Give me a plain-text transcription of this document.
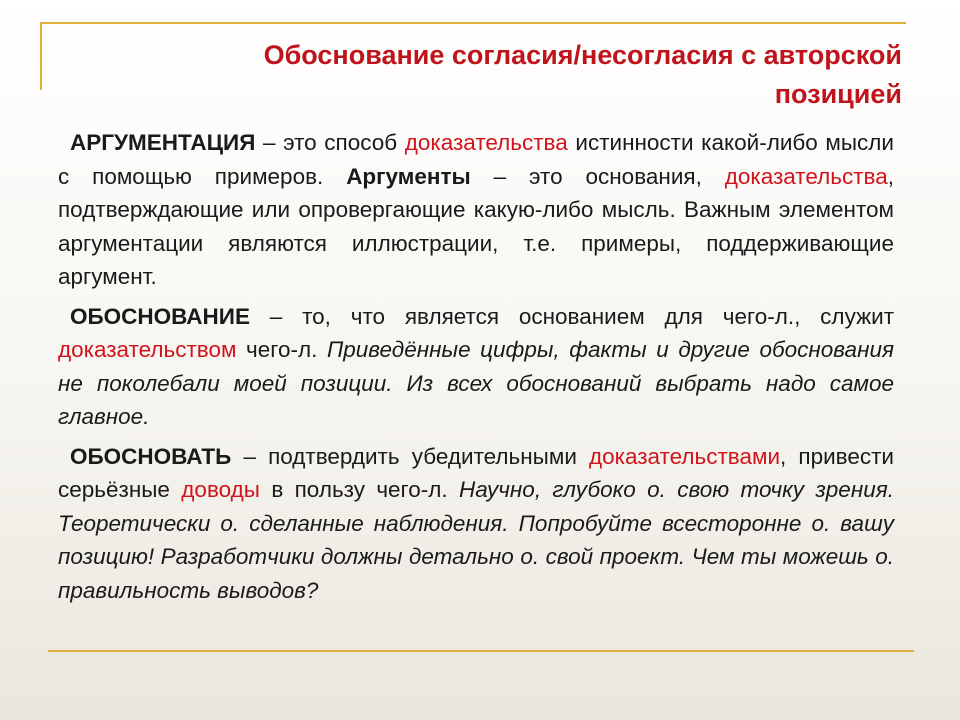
Обоснование согласия/несогласия с авторской позицией

АРГУМЕНТАЦИЯ – это способ доказательства истинности какой-либо мысли с помощью примеров. Аргументы – это основания, доказательства, подтверждающие или опровергающие какую-либо мысль. Важным элементом аргументации являются иллюстрации, т.е. примеры, поддерживающие аргумент.

ОБОСНОВАНИЕ – то, что является основанием для чего-л., служит доказательством чего-л. Приведённые цифры, факты и другие обоснования не поколебали моей позиции. Из всех обоснований выбрать надо самое главное.

ОБОСНОВАТЬ – подтвердить убедительными доказательствами, привести серьёзные доводы в пользу чего-л. Научно, глубоко о. свою точку зрения. Теоретически о. сделанные наблюдения. Попробуйте всесторонне о. вашу позицию! Разработчики должны детально о. свой проект. Чем ты можешь о. правильность выводов?
